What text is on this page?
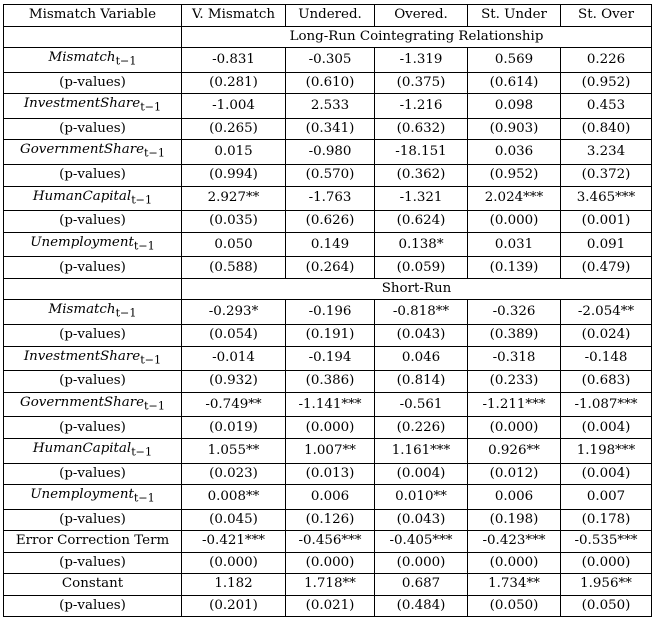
Mismatch Variable	V. Mismatch	Undered.	Overed.	St. Under	St. Over
	Long-Run Cointegrating Relationship				
Mismatch$_{t-1}$	-0.831	-0.305	-1.319	0.569	0.226
(p-values)	(0.281)	(0.610)	(0.375)	(0.614)	(0.952)
InvestmentShare$_{t-1}$	-1.004	2.533	-1.216	0.098	0.453
(p-values)	(0.265)	(0.341)	(0.632)	(0.903)	(0.840)
GovernmentShare$_{t-1}$	0.015	-0.980	-18.151	0.036	3.234
(p-values)	(0.994)	(0.570)	(0.362)	(0.952)	(0.372)
HumanCapital$_{t-1}$	2.927**	-1.763	-1.321	2.024***	3.465***
(p-values)	(0.035)	(0.626)	(0.624)	(0.000)	(0.001)
Unemployment$_{t-1}$	0.050	0.149	0.138*	0.031	0.091
(p-values)	(0.588)	(0.264)	(0.059)	(0.139)	(0.479)
	Short-Run				
Mismatch$_{t-1}$	-0.293*	-0.196	-0.818**	-0.326	-2.054**
(p-values)	(0.054)	(0.191)	(0.043)	(0.389)	(0.024)
InvestmentShare$_{t-1}$	-0.014	-0.194	0.046	-0.318	-0.148
(p-values)	(0.932)	(0.386)	(0.814)	(0.233)	(0.683)
GovernmentShare$_{t-1}$	-0.749**	-1.141***	-0.561	-1.211***	-1.087***
(p-values)	(0.019)	(0.000)	(0.226)	(0.000)	(0.004)
HumanCapital$_{t-1}$	1.055**	1.007**	1.161***	0.926**	1.198***
(p-values)	(0.023)	(0.013)	(0.004)	(0.012)	(0.004)
Unemployment$_{t-1}$	0.008**	0.006	0.010**	0.006	0.007
(p-values)	(0.045)	(0.126)	(0.043)	(0.198)	(0.178)
Error Correction Term	-0.421***	-0.456***	-0.405***	-0.423***	-0.535***
(p-values)	(0.000)	(0.000)	(0.000)	(0.000)	(0.000)
Constant	1.182	1.718**	0.687	1.734**	1.956**
(p-values)	(0.201)	(0.021)	(0.484)	(0.050)	(0.050)
